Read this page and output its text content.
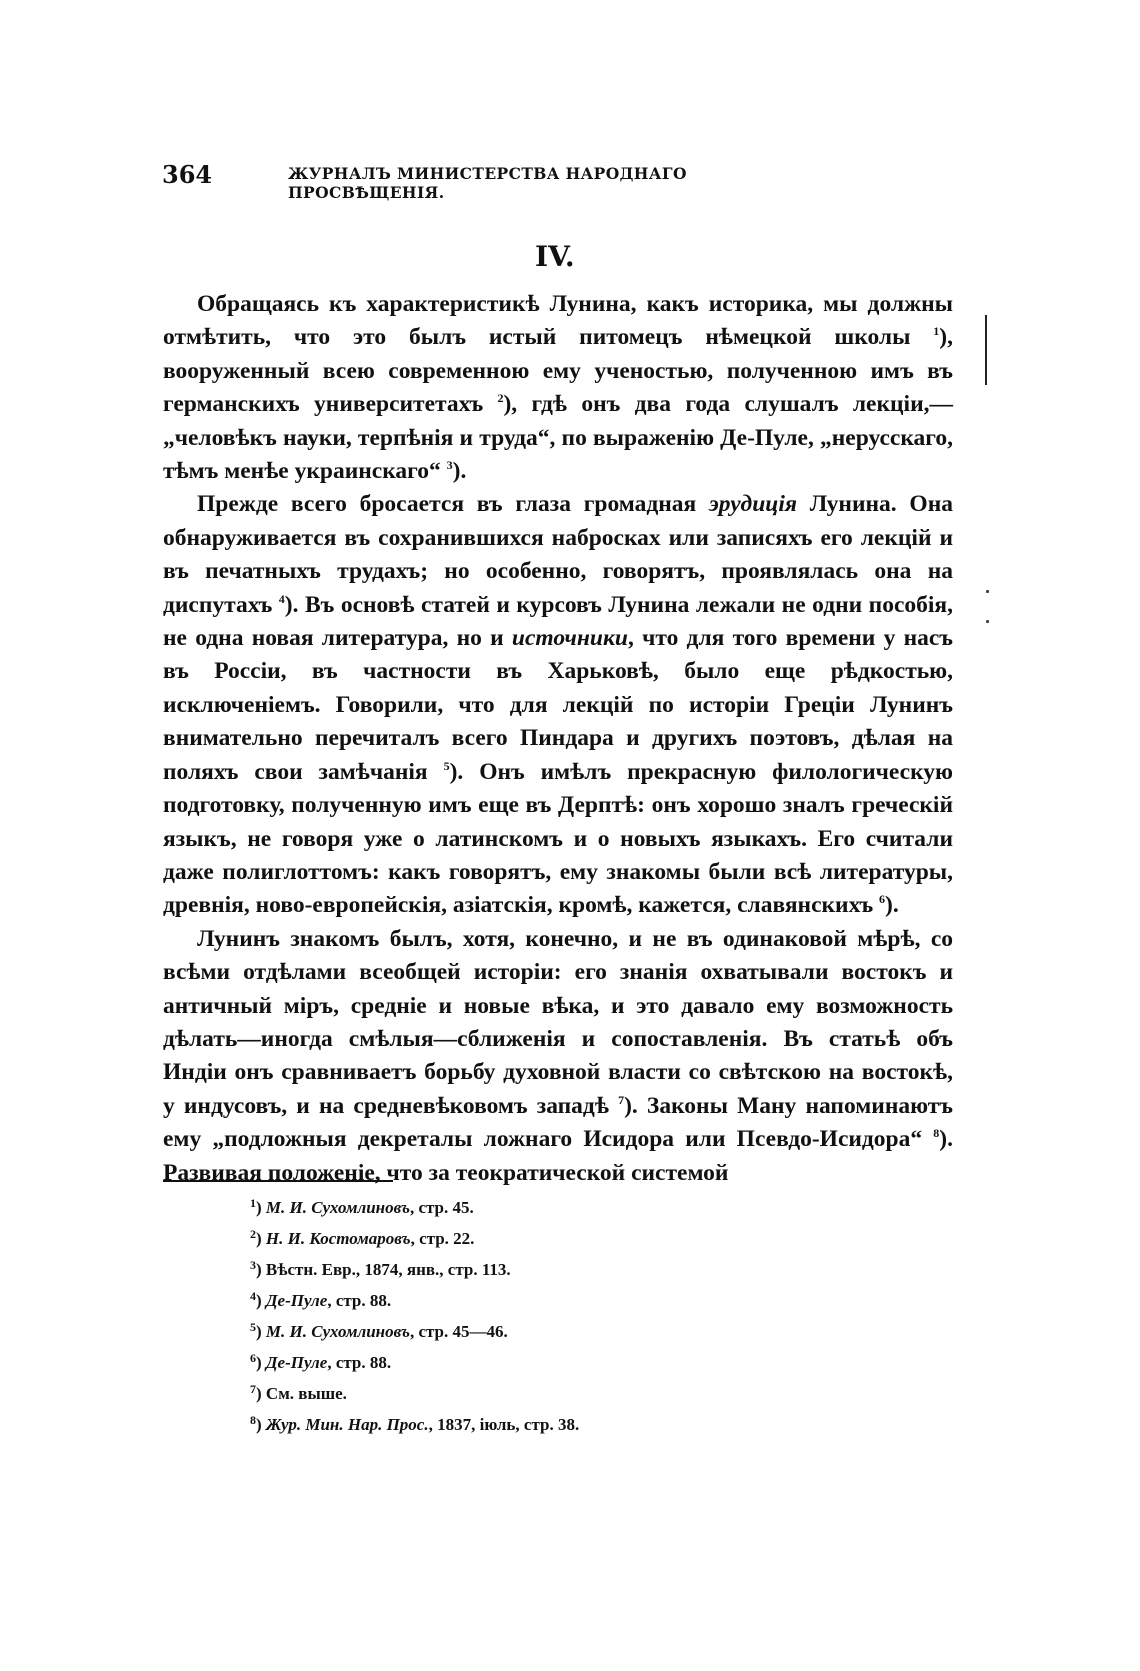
364	ЖУРНАЛЪ МИНИСТЕРСТВА НАРОДНАГО ПРОСВѢЩЕНІЯ.
IV.

Обращаясь къ характеристикѣ Лунина, какъ историка, мы должны отмѣтить, что это былъ истый питомецъ нѣмецкой школы $^1$), вооруженный всею современною ему ученостью, полученною имъ въ германскихъ университетахъ $^2$), гдѣ онъ два года слушалъ лекціи,—„человѣкъ науки, терпѣнія и труда“, по выраженію Де-Пуле, „нерусскаго, тѣмъ менѣе украинскаго“ $^3$).

Прежде всего бросается въ глаза громадная эрудиція Лунина. Она обнаруживается въ сохранившихся набросках или записяхъ его лекцій и въ печатныхъ трудахъ; но особенно, говорятъ, проявлялась она на диспутахъ $^4$). Въ основѣ статей и курсовъ Лунина лежали не одни пособія, не одна новая литература, но и источники, что для того времени у насъ въ Россіи, въ частности въ Харьковѣ, было еще рѣдкостью, исключеніемъ. Говорили, что для лекцій по исторіи Греціи Лунинъ внимательно перечиталъ всего Пиндара и другихъ поэтовъ, дѣлая на поляхъ свои замѣчанія $^5$). Онъ имѣлъ прекрасную филологическую подготовку, полученную имъ еще въ Дерптѣ: онъ хорошо зналъ греческій языкъ, не говоря уже о латинскомъ и о новыхъ языкахъ. Его считали даже полиглоттомъ: какъ говорятъ, ему знакомы были всѣ литературы, древнія, ново-европейскія, азіатскія, кромѣ, кажется, славянскихъ $^6$).

Лунинъ знакомъ былъ, хотя, конечно, и не въ одинаковой мѣрѣ, со всѣми отдѣлами всеобщей исторіи: его знанія охватывали востокъ и античный міръ, средніе и новые вѣка, и это давало ему возможность дѣлать—иногда смѣлыя—сближенія и сопоставленія. Въ статьѣ объ Индіи онъ сравниваетъ борьбу духовной власти со свѣтскою на востокѣ, у индусовъ, и на средневѣковомъ западѣ $^7$). Законы Ману напоминаютъ ему „подложныя декреталы ложнаго Исидора или Псевдо-Исидора“ $^8$). Развивая положеніе, что за теократической системой

$^1$) М. И. Сухомлиновъ, стр. 45.
$^2$) Н. И. Костомаровъ, стр. 22.
$^3$) Вѣстн. Евр., 1874, янв., стр. 113.
$^4$) Де-Пуле, стр. 88.
$^5$) М. И. Сухомлиновъ, стр. 45—46.
$^6$) Де-Пуле, стр. 88.
$^7$) См. выше.
$^8$) Жур. Мин. Нар. Прос., 1837, іюль, стр. 38.
